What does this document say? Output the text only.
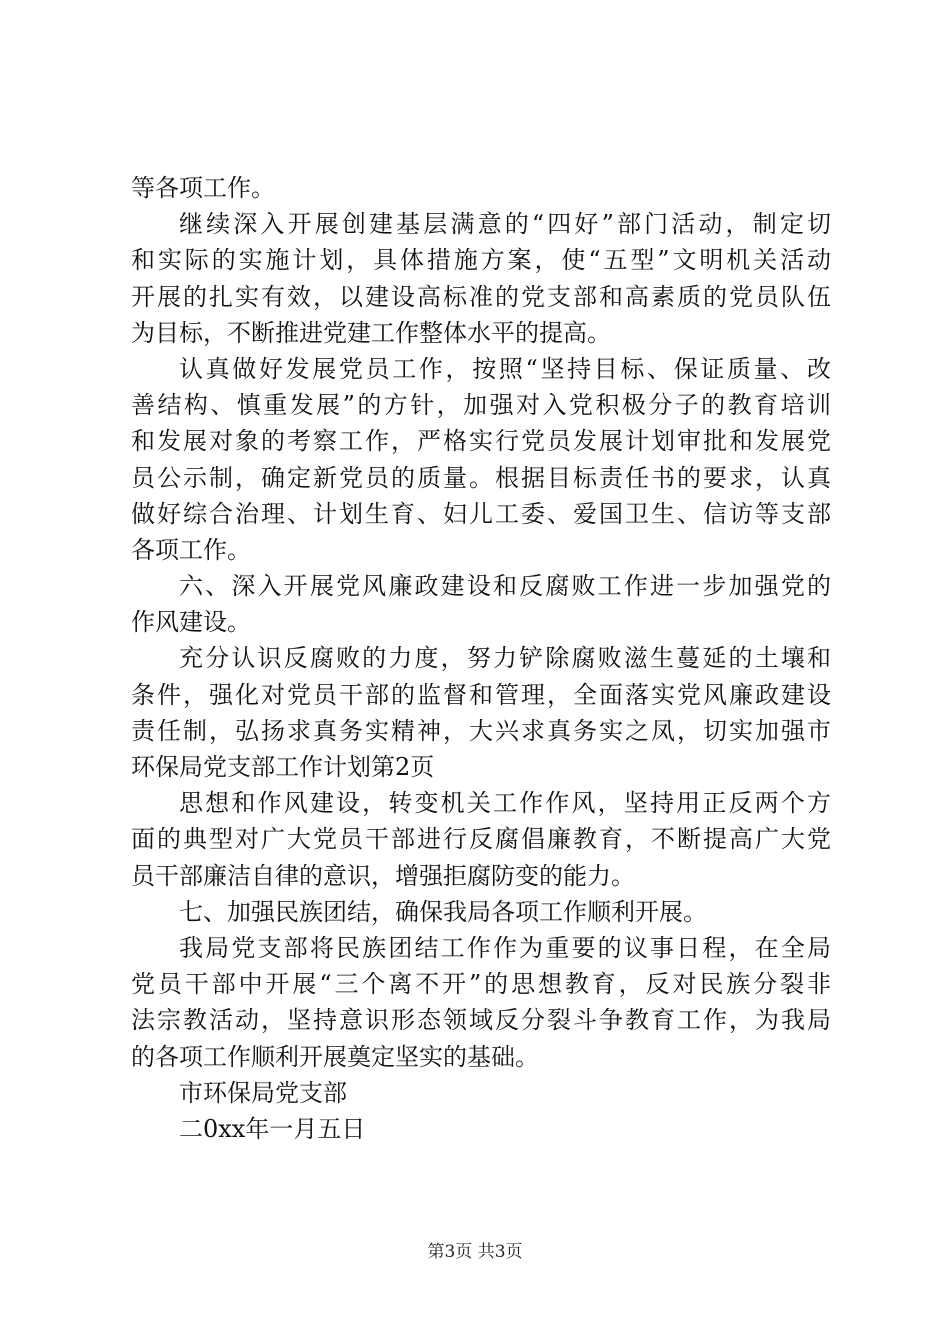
等各项工作。
继续深入开展创建基层满意的“四好”部门活动，制定切
和实际的实施计划，具体措施方案，使“五型”文明机关活动
开展的扎实有效，以建设高标准的党支部和高素质的党员队伍
为目标，不断推进党建工作整体水平的提高。
认真做好发展党员工作，按照“坚持目标、保证质量、改
善结构、慎重发展”的方针，加强对入党积极分子的教育培训
和发展对象的考察工作，严格实行党员发展计划审批和发展党
员公示制，确定新党员的质量。根据目标责任书的要求，认真
做好综合治理、计划生育、妇儿工委、爱国卫生、信访等支部
各项工作。
六、深入开展党风廉政建设和反腐败工作进一步加强党的
作风建设。
充分认识反腐败的力度，努力铲除腐败滋生蔓延的土壤和
条件，强化对党员干部的监督和管理，全面落实党风廉政建设
责任制，弘扬求真务实精神，大兴求真务实之凤，切实加强市
环保局党支部工作计划第2页
思想和作风建设，转变机关工作作风，坚持用正反两个方
面的典型对广大党员干部进行反腐倡廉教育，不断提高广大党
员干部廉洁自律的意识，增强拒腐防变的能力。
七、加强民族团结，确保我局各项工作顺利开展。
我局党支部将民族团结工作作为重要的议事日程，在全局
党员干部中开展“三个离不开”的思想教育，反对民族分裂非
法宗教活动，坚持意识形态领域反分裂斗争教育工作，为我局
的各项工作顺利开展奠定坚实的基础。
市环保局党支部
二0xx年一月五日
第3页 共3页
